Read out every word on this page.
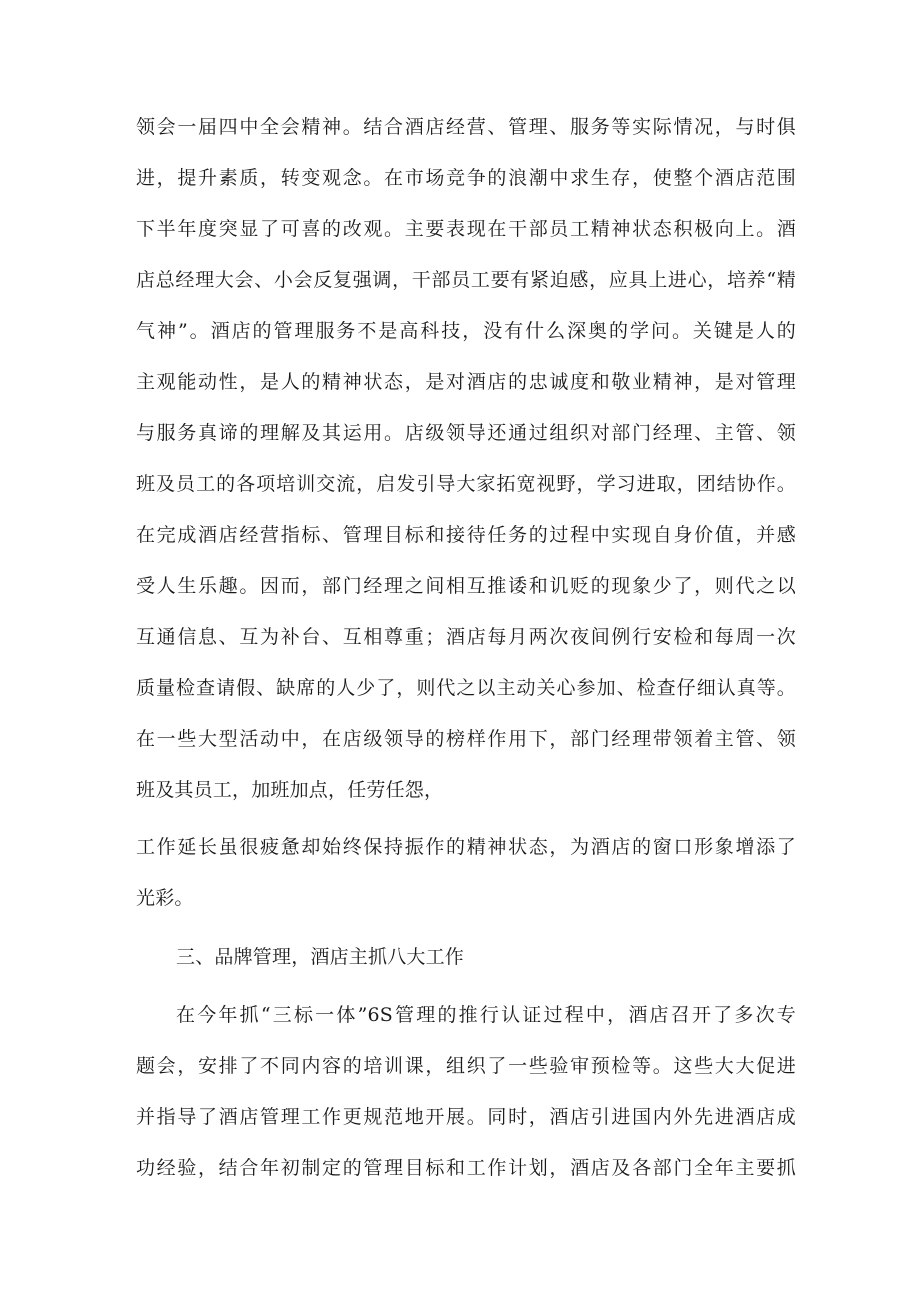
领会一届四中全会精神。结合酒店经营、管理、服务等实际情况，与时俱

进，提升素质，转变观念。在市场竞争的浪潮中求生存，使整个酒店范围

下半年度突显了可喜的改观。主要表现在干部员工精神状态积极向上。酒

店总经理大会、小会反复强调，干部员工要有紧迫感，应具上进心，培养“精

气神”。酒店的管理服务不是高科技，没有什么深奥的学问。关键是人的

主观能动性，是人的精神状态，是对酒店的忠诚度和敬业精神，是对管理

与服务真谛的理解及其运用。店级领导还通过组织对部门经理、主管、领

班及员工的各项培训交流，启发引导大家拓宽视野，学习进取，团结协作。

在完成酒店经营指标、管理目标和接待任务的过程中实现自身价值，并感

受人生乐趣。因而，部门经理之间相互推诿和讥贬的现象少了，则代之以

互通信息、互为补台、互相尊重；酒店每月两次夜间例行安检和每周一次

质量检查请假、缺席的人少了，则代之以主动关心参加、检查仔细认真等。

在一些大型活动中，在店级领导的榜样作用下，部门经理带领着主管、领

班及其员工，加班加点，任劳任怨，

工作延长虽很疲惫却始终保持振作的精神状态，为酒店的窗口形象增添了

光彩。

三、品牌管理，酒店主抓八大工作

在今年抓“三标一体”6S管理的推行认证过程中，酒店召开了多次专

题会，安排了不同内容的培训课，组织了一些验审预检等。这些大大促进

并指导了酒店管理工作更规范地开展。同时，酒店引进国内外先进酒店成

功经验，结合年初制定的管理目标和工作计划，酒店及各部门全年主要抓
